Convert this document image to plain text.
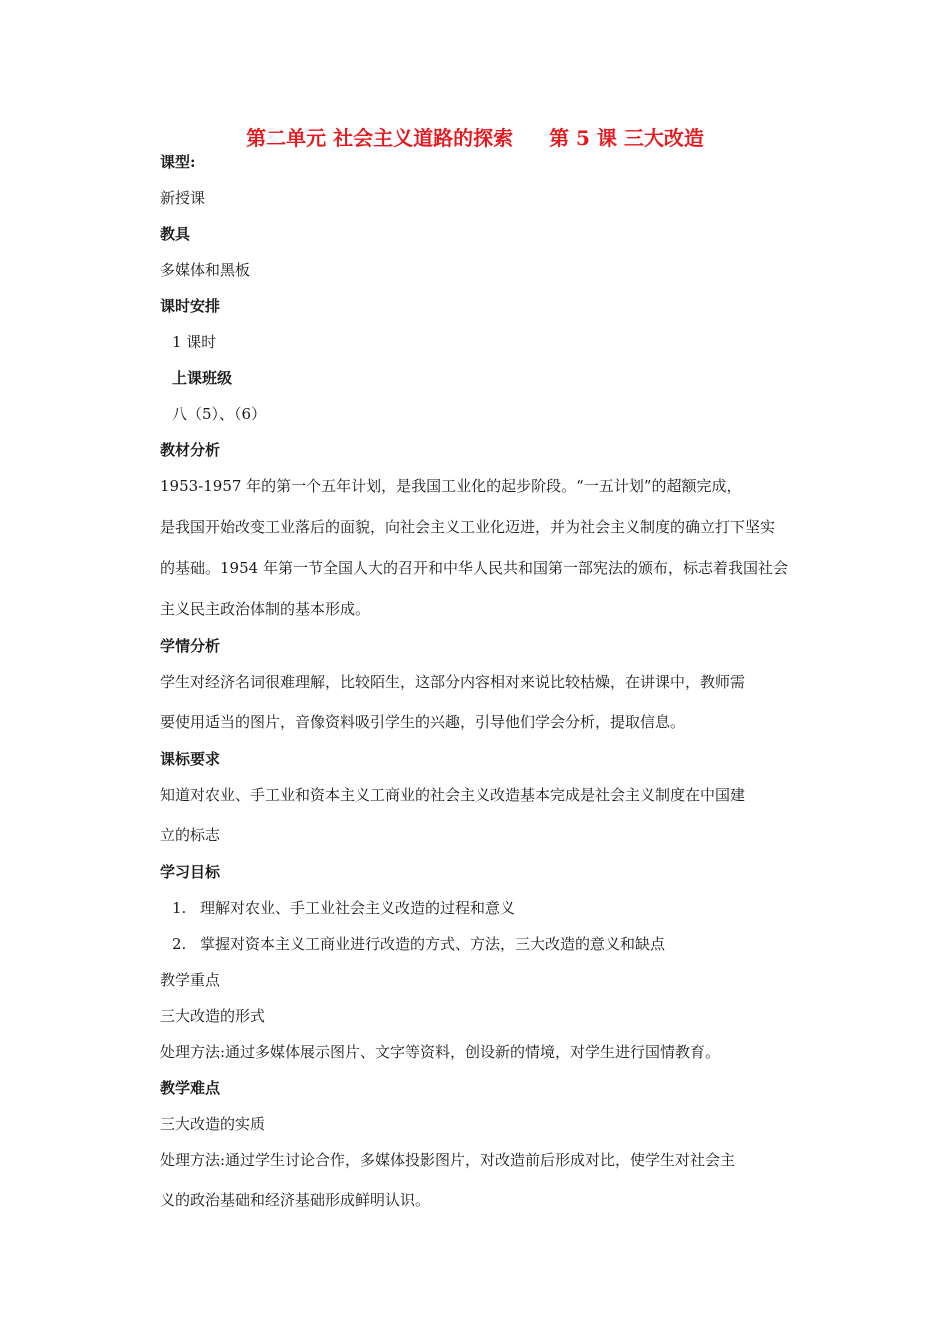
第二单元 社会主义道路的探索 第 5 课 三大改造
课型:
新授课
教具
多媒体和黑板
课时安排
1 课时
上课班级
八（5）、（6）
教材分析
1953-1957 年的第一个五年计划，是我国工业化的起步阶段。“一五计划”的超额完成，
是我国开始改变工业落后的面貌，向社会主义工业化迈进，并为社会主义制度的确立打下坚实
的基础。1954 年第一节全国人大的召开和中华人民共和国第一部宪法的颁布，标志着我国社会
主义民主政治体制的基本形成。
学情分析
学生对经济名词很难理解，比较陌生，这部分内容相对来说比较枯燥，在讲课中，教师需
要使用适当的图片，音像资料吸引学生的兴趣，引导他们学会分析，提取信息。
课标要求
知道对农业、手工业和资本主义工商业的社会主义改造基本完成是社会主义制度在中国建
立的标志
学习目标
1. 理解对农业、手工业社会主义改造的过程和意义
2. 掌握对资本主义工商业进行改造的方式、方法，三大改造的意义和缺点
教学重点
三大改造的形式
处理方法:通过多媒体展示图片、文字等资料，创设新的情境，对学生进行国情教育。
教学难点
三大改造的实质
处理方法:通过学生讨论合作，多媒体投影图片，对改造前后形成对比，使学生对社会主
义的政治基础和经济基础形成鲜明认识。
